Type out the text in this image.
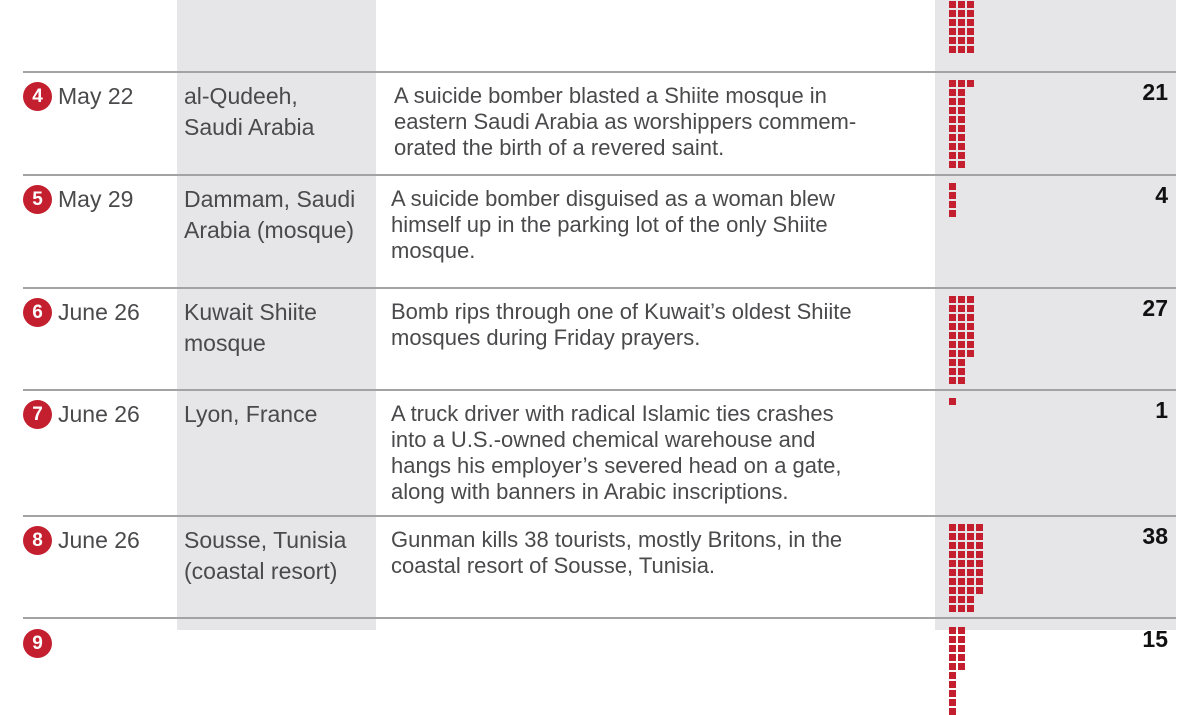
4 May 22 al-Qudeeh,
Saudi Arabia
A suicide bomber blasted a Shiite mosque in
eastern Saudi Arabia as worshippers commem-
orated the birth of a revered saint.
21
5 May 29 Dammam, Saudi
Arabia (mosque)
A suicide bomber disguised as a woman blew
himself up in the parking lot of the only Shiite
mosque.
4
6 June 26 Kuwait Shiite
mosque
Bomb rips through one of Kuwait’s oldest Shiite
mosques during Friday prayers.
27
7 June 26 Lyon, France	A truck driver with radical Islamic ties crashes
into a U.S.-owned chemical warehouse and
hangs his employer’s severed head on a gate,
along with banners in Arabic inscriptions.
1
8 June 26 Sousse, Tunisia
(coastal resort)
Gunman kills 38 tourists, mostly Britons, in the
coastal resort of Sousse, Tunisia.
38
9	15
